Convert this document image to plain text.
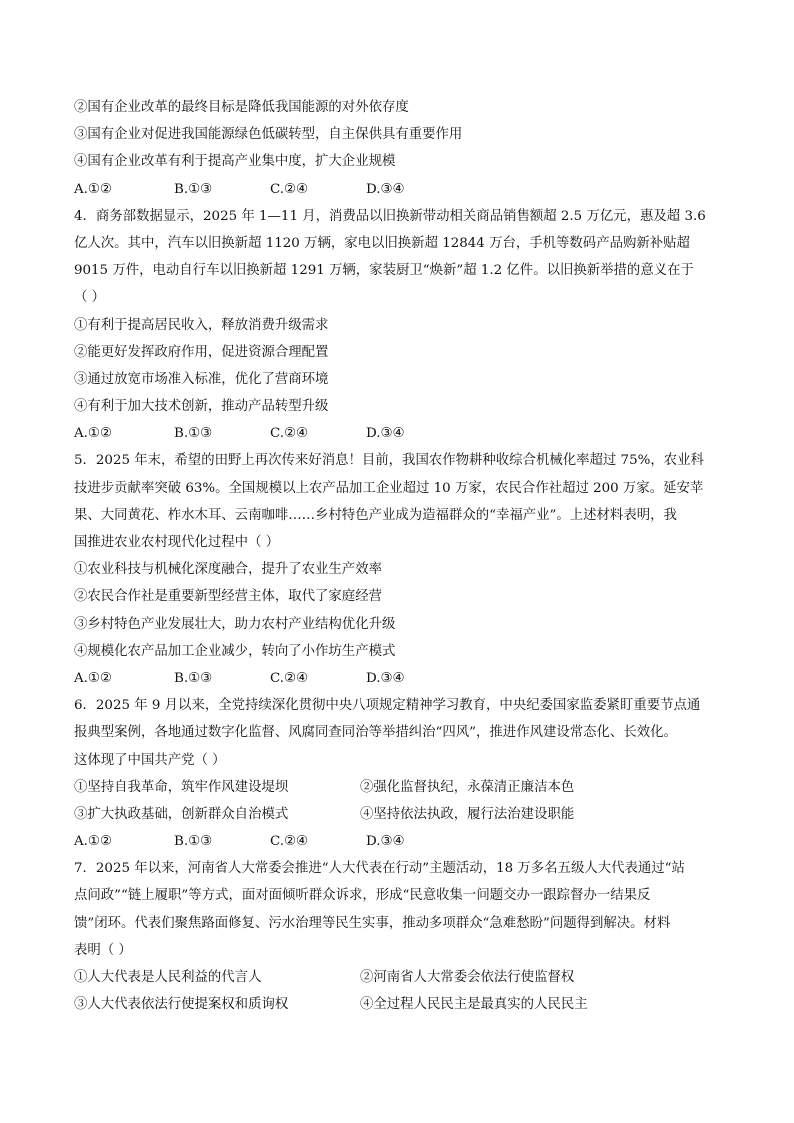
②国有企业改革的最终目标是降低我国能源的对外依存度
③国有企业对促进我国能源绿色低碳转型，自主保供具有重要作用
④国有企业改革有利于提高产业集中度，扩大企业规模
A.①②	B.①③	C.②④	D.③④
4．商务部数据显示，2025 年 1—11 月，消费品以旧换新带动相关商品销售额超 2.5 万亿元，惠及超 3.6
亿人次。其中，汽车以旧换新超 1120 万辆，家电以旧换新超 12844 万台，手机等数码产品购新补贴超
9015 万件，电动自行车以旧换新超 1291 万辆，家装厨卫“焕新”超 1.2 亿件。以旧换新举措的意义在于
（ ）
①有利于提高居民收入，释放消费升级需求
②能更好发挥政府作用，促进资源合理配置
③通过放宽市场准入标准，优化了营商环境
④有利于加大技术创新，推动产品转型升级
A.①②	B.①③	C.②④	D.③④
5．2025 年末，希望的田野上再次传来好消息！目前，我国农作物耕种收综合机械化率超过 75%，农业科
技进步贡献率突破 63%。全国规模以上农产品加工企业超过 10 万家，农民合作社超过 200 万家。延安苹
果、大同黄花、柞水木耳、云南咖啡……乡村特色产业成为造福群众的“幸福产业”。上述材料表明，我
国推进农业农村现代化过程中（ ）
①农业科技与机械化深度融合，提升了农业生产效率
②农民合作社是重要新型经营主体，取代了家庭经营
③乡村特色产业发展壮大，助力农村产业结构优化升级
④规模化农产品加工企业减少，转向了小作坊生产模式
A.①②	B.①③	C.②④	D.③④
6．2025 年 9 月以来，全党持续深化贯彻中央八项规定精神学习教育，中央纪委国家监委紧盯重要节点通
报典型案例，各地通过数字化监督、风腐同查同治等举措纠治“四风”，推进作风建设常态化、长效化。
这体现了中国共产党（ ）
①坚持自我革命，筑牢作风建设堤坝	②强化监督执纪，永葆清正廉洁本色
③扩大执政基础，创新群众自治模式	④坚持依法执政，履行法治建设职能
A.①②	B.①③	C.②④	D.③④
7．2025 年以来，河南省人大常委会推进“人大代表在行动”主题活动，18 万多名五级人大代表通过“站
点问政”“链上履职”等方式，面对面倾听群众诉求，形成“民意收集一问题交办一跟踪督办一结果反
馈”闭环。代表们聚焦路面修复、污水治理等民生实事，推动多项群众“急难愁盼”问题得到解决。材料
表明（ ）
①人大代表是人民利益的代言人	②河南省人大常委会依法行使监督权
③人大代表依法行使提案权和质询权	④全过程人民民主是最真实的人民民主
